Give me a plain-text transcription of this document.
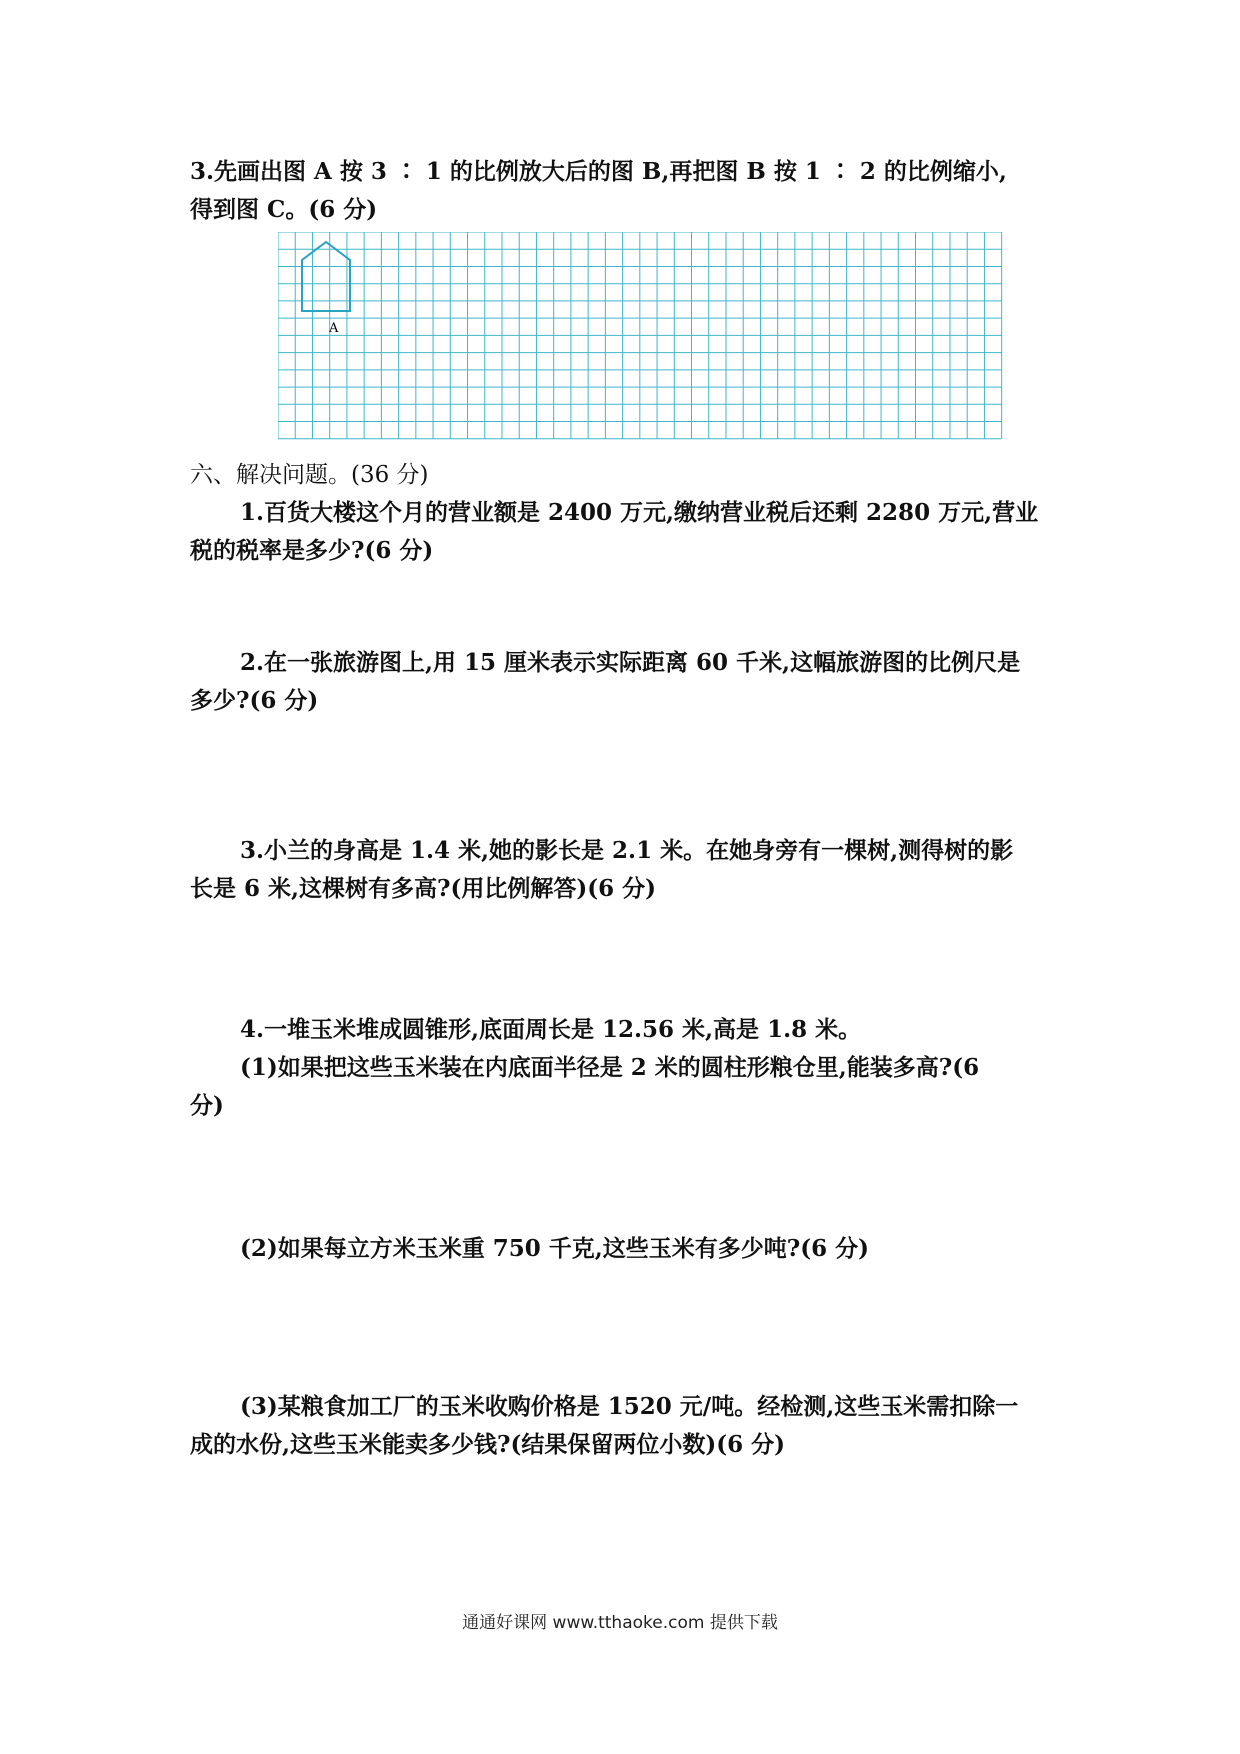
3.先画出图 A 按 3 ∶ 1 的比例放大后的图 B,再把图 B 按 1 ∶ 2 的比例缩小,
得到图 C。(6 分)
A
六、解决问题。(36 分)
1.百货大楼这个月的营业额是 2400 万元,缴纳营业税后还剩 2280 万元,营业
税的税率是多少?(6 分)
2.在一张旅游图上,用 15 厘米表示实际距离 60 千米,这幅旅游图的比例尺是
多少?(6 分)
3.小兰的身高是 1.4 米,她的影长是 2.1 米。在她身旁有一棵树,测得树的影
长是 6 米,这棵树有多高?(用比例解答)(6 分)
4.一堆玉米堆成圆锥形,底面周长是 12.56 米,高是 1.8 米。
(1)如果把这些玉米装在内底面半径是 2 米的圆柱形粮仓里,能装多高?(6
分)
(2)如果每立方米玉米重 750 千克,这些玉米有多少吨?(6 分)
(3)某粮食加工厂的玉米收购价格是 1520 元/吨。经检测,这些玉米需扣除一
成的水份,这些玉米能卖多少钱?(结果保留两位小数)(6 分)
通通好课网 www.tthaoke.com 提供下载
